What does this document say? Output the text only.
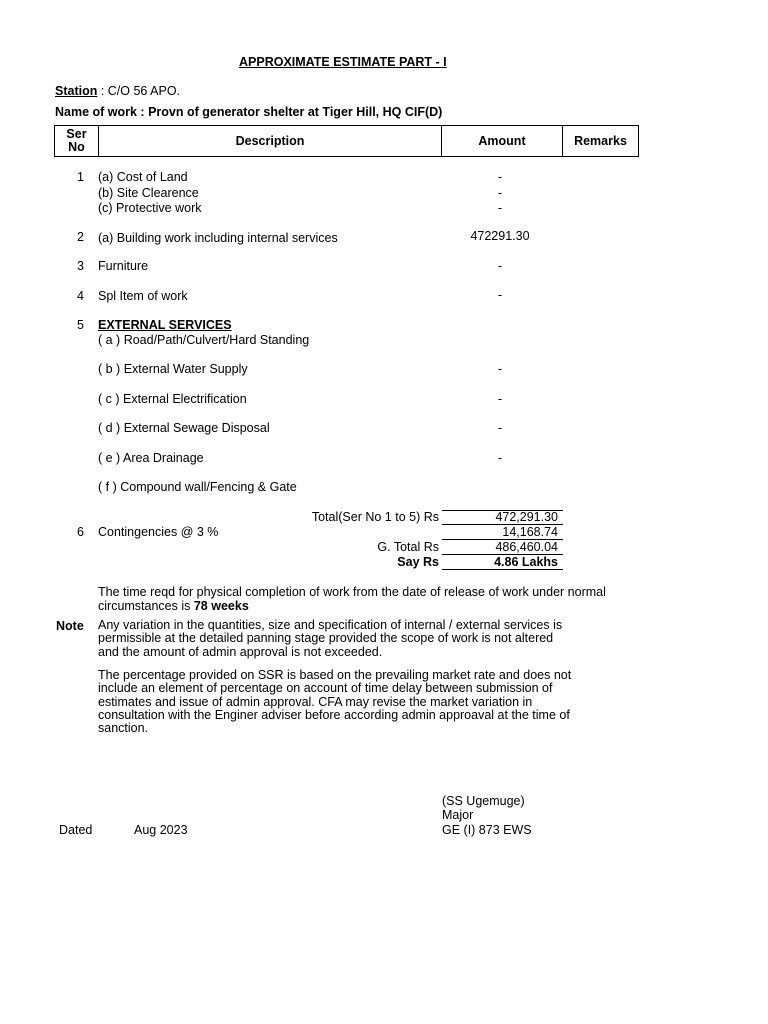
APPROXIMATE ESTIMATE PART - I
Station : C/O 56 APO.
Name of work : Provn of generator shelter at Tiger Hill, HQ CIF(D)
Ser No	Description	Amount	Remarks
1 (a) Cost of Land	-
(b) Site Clearence	-
(c) Protective work	-
2 (a) Building work including internal services	472291.30
3 Furniture	-
4 Spl Item of work	-
5 EXTERNAL SERVICES
( a ) Road/Path/Culvert/Hard Standing
( b ) External Water Supply	-
( c ) External Electrification	-
( d ) External Sewage Disposal	-
( e ) Area Drainage	-
( f ) Compound wall/Fencing & Gate
Total(Ser No 1 to 5) Rs	472,291.30
6 Contingencies @ 3 %	14,168.74
G. Total Rs	486,460.04
Say Rs	4.86 Lakhs
The time reqd for physical completion of work from the date of release of work under normal
circumstances is 78 weeks
Note Any variation in the quantities, size and specification of internal / external services is permissible at the detailed panning stage provided the scope of work is not altered and the amount of admin approval is not exceeded.
The percentage provided on SSR is based on the prevailing market rate and does not include an element of percentage on account of time delay between submission of estimates and issue of admin approval. CFA may revise the market variation in consultation with the Enginer adviser before according admin approaval at the time of sanction.
(SS Ugemuge)
Major
GE (I) 873 EWS
Dated	Aug 2023
